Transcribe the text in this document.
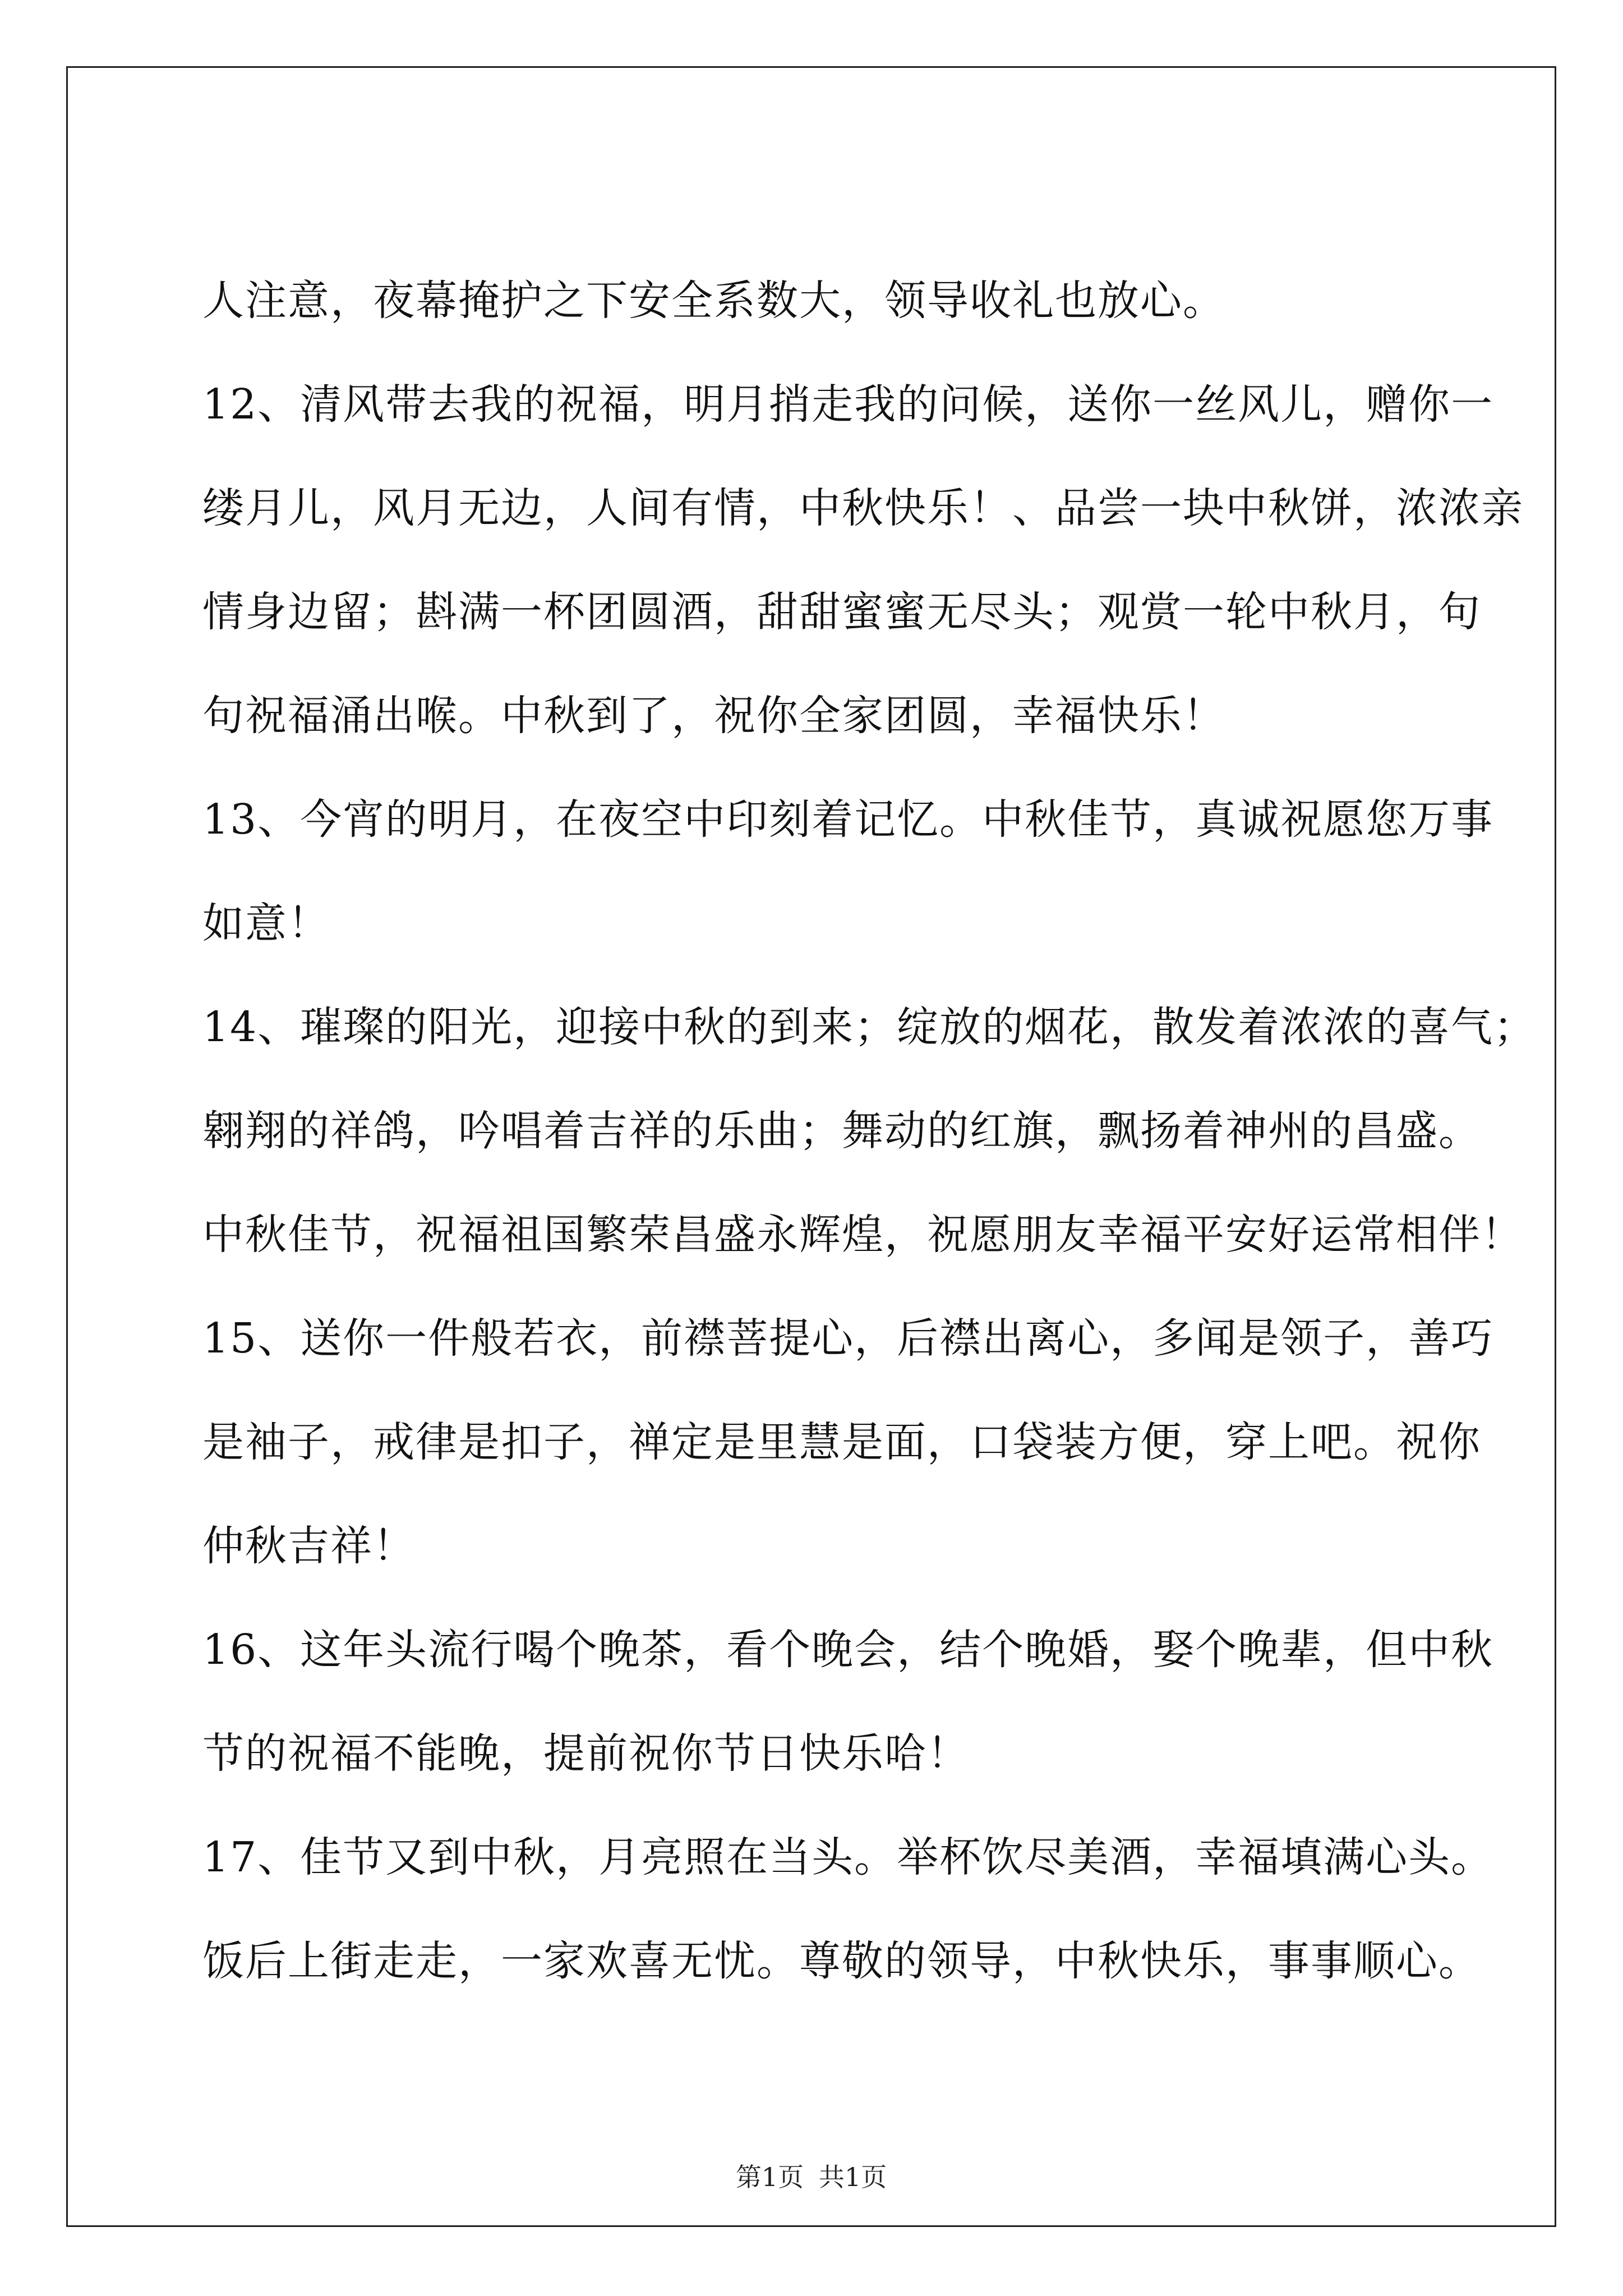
人注意，夜幕掩护之下安全系数大，领导收礼也放心。
12、清风带去我的祝福，明月捎走我的问候，送你一丝风儿，赠你一
缕月儿，风月无边，人间有情，中秋快乐！、品尝一块中秋饼，浓浓亲
情身边留；斟满一杯团圆酒，甜甜蜜蜜无尽头；观赏一轮中秋月，句
句祝福涌出喉。中秋到了，祝你全家团圆，幸福快乐！
13、今宵的明月，在夜空中印刻着记忆。中秋佳节，真诚祝愿您万事
如意！
14、璀璨的阳光，迎接中秋的到来；绽放的烟花，散发着浓浓的喜气；
翱翔的祥鸽，吟唱着吉祥的乐曲；舞动的红旗，飘扬着神州的昌盛。
中秋佳节，祝福祖国繁荣昌盛永辉煌，祝愿朋友幸福平安好运常相伴！
15、送你一件般若衣，前襟菩提心，后襟出离心，多闻是领子，善巧
是袖子，戒律是扣子，禅定是里慧是面，口袋装方便，穿上吧。祝你
仲秋吉祥！
16、这年头流行喝个晚茶，看个晚会，结个晚婚，娶个晚辈，但中秋
节的祝福不能晚，提前祝你节日快乐哈！
17、佳节又到中秋，月亮照在当头。举杯饮尽美酒，幸福填满心头。
饭后上街走走，一家欢喜无忧。尊敬的领导，中秋快乐，事事顺心。
第1页 共1页
